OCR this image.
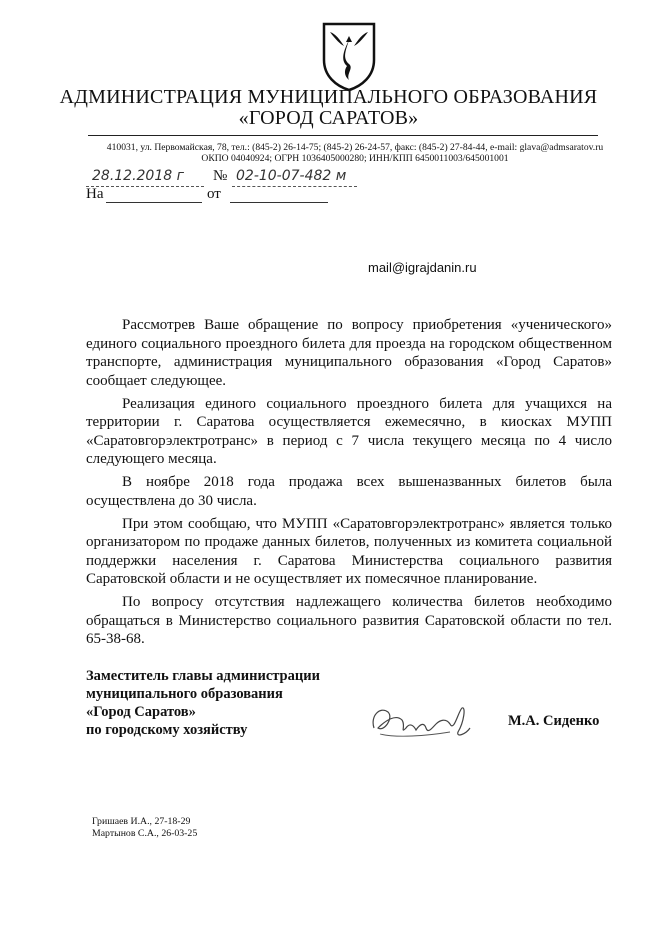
АДМИНИСТРАЦИЯ МУНИЦИПАЛЬНОГО ОБРАЗОВАНИЯ
«ГОРОД САРАТОВ»
410031, ул. Первомайская, 78, тел.: (845-2) 26-14-75; (845-2) 26-24-57, факс: (845-2) 27-84-44, e-mail: glava@admsaratov.ru
ОКПО 04040924; ОГРН 1036405000280; ИНН/КПП 6450011003/645001001
28.12.2018 г № 02-10-07-482 м
На	от
mail@igrajdanin.ru

Рассмотрев Ваше обращение по вопросу приобретения «ученического» единого социального проездного билета для проезда на городском общественном транспорте, администрация муниципального образования «Город Саратов» сообщает следующее.

Реализация единого социального проездного билета для учащихся на территории г. Саратова осуществляется ежемесячно, в киосках МУПП «Саратовгорэлектротранс» в период с 7 числа текущего месяца по 4 число следующего месяца.

В ноябре 2018 года продажа всех вышеназванных билетов была осуществлена до 30 числа.

При этом сообщаю, что МУПП «Саратовгорэлектротранс» является только организатором по продаже данных билетов, полученных из комитета социальной поддержки населения г. Саратова Министерства социального развития Саратовской области и не осуществляет их помесячное планирование.

По вопросу отсутствия надлежащего количества билетов необходимо обращаться в Министерство социального развития Саратовской области по тел. 65-38-68.

Заместитель главы администрации
муниципального образования
«Город Саратов»
по городскому хозяйству
М.А. Сиденко
Гришаев И.А., 27-18-29
Мартынов С.А., 26-03-25
